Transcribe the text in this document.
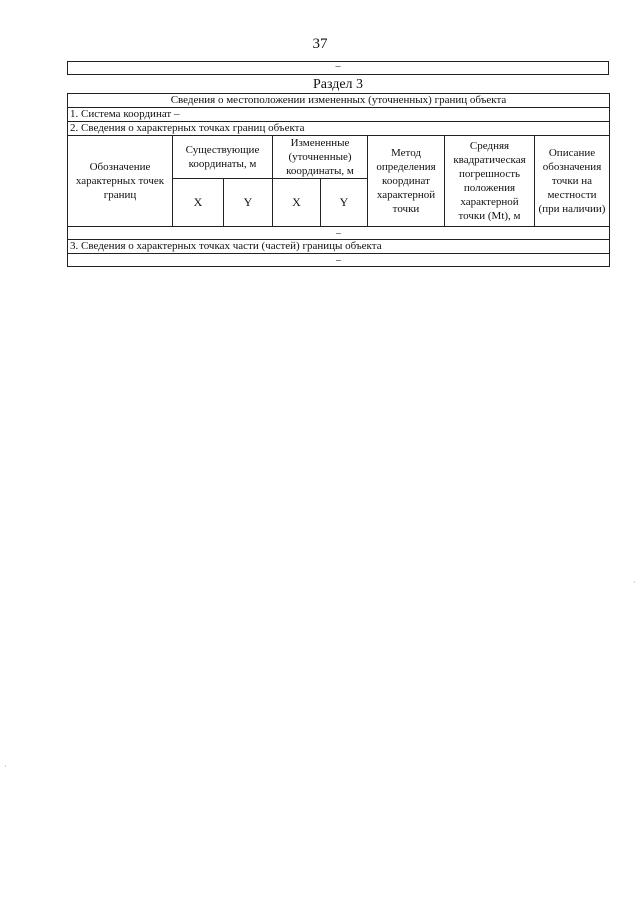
37
–
Раздел 3
Сведения о местоположении измененных (уточненных) границ объекта							
1. Система координат –							
2. Сведения о характерных точках границ объекта							
Обозначение характерных точек границ	Существующие координаты, м		Измененные (уточненные) координаты, м		Метод определения координат характерной точки	Средняя квадратическая погрешность положения характерной точки (Mt), м	Описание обозначения точки на местности (при наличии)
	X	Y	X	Y			
–							
3. Сведения о характерных точках части (частей) границы объекта							
–							
·
·
